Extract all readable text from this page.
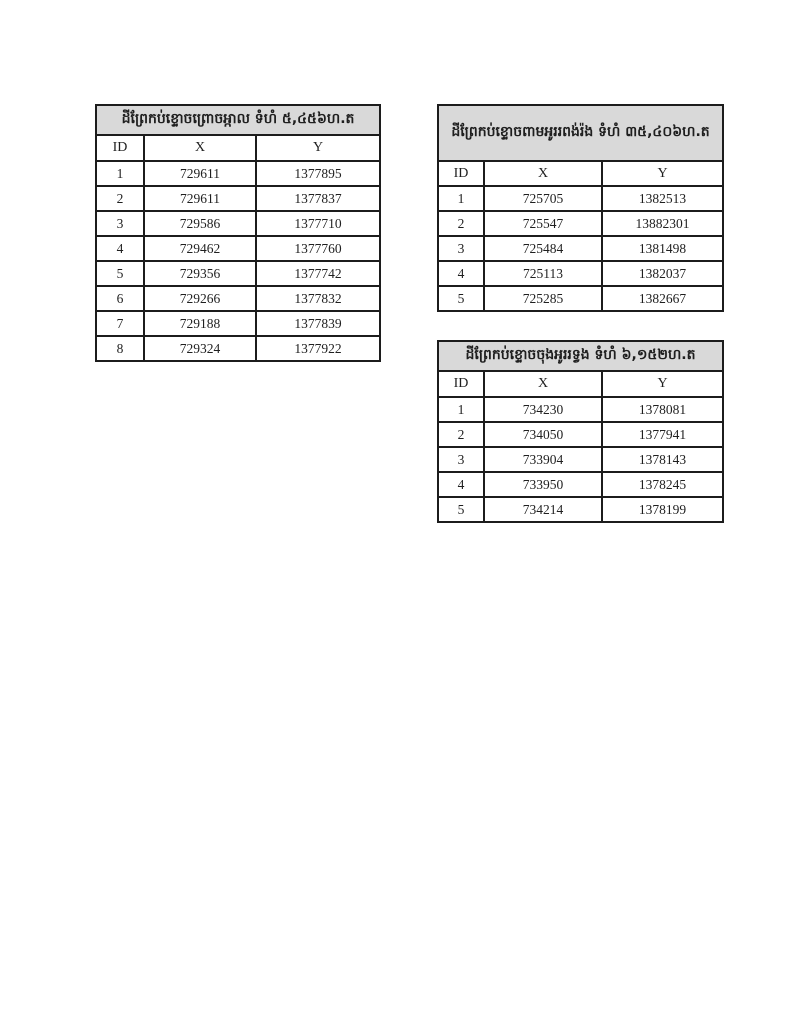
ដីព្រែកប់ខ្ទោចព្រោចអ្កាល ទំហំ ៥,៤៥៦ហ.ត		
ID	X	Y
1	729611	1377895
2	729611	1377837
3	729586	1377710
4	729462	1377760
5	729356	1377742
6	729266	1377832
7	729188	1377839
8	729324	1377922
ដីព្រែកប់ខ្ទោចពាមអូររពង់រ៉ង ទំហំ ៣៥,៤០៦ហ.ត		
ID	X	Y
1	725705	1382513
2	725547	13882301
3	725484	1381498
4	725113	1382037
5	725285	1382667
ដីព្រែកប់ខ្ទោចចុងអូររទ្វង ទំហំ ៦,១៥២ហ.ត		
ID	X	Y
1	734230	1378081
2	734050	1377941
3	733904	1378143
4	733950	1378245
5	734214	1378199
